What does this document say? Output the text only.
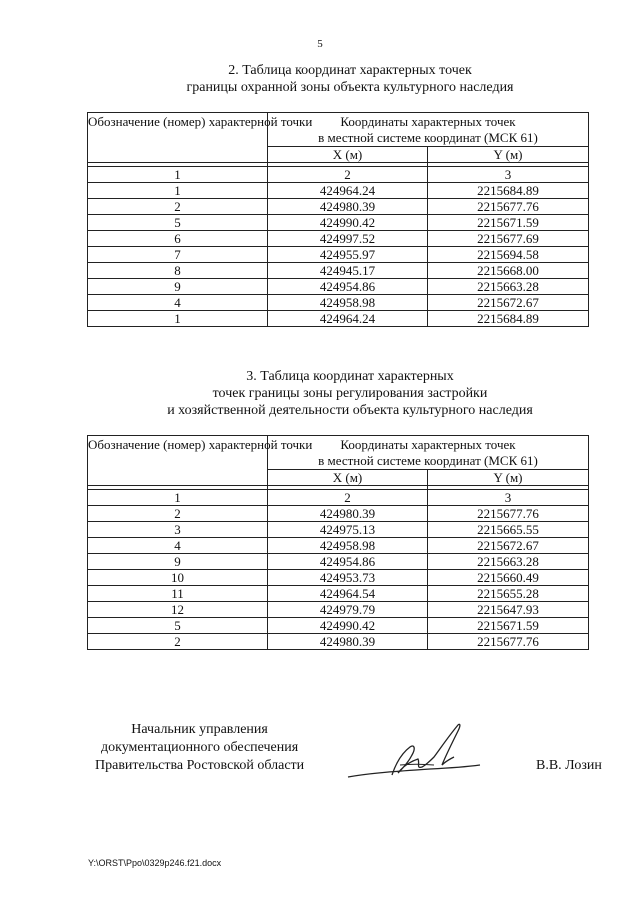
5
2. Таблица координат характерных точек
границы охранной зоны объекта культурного наследия
Обозначение (номер) характерной точки	Координаты характерных точек
в местной системе координат (МСК 61)	

	X (м)	Y (м)

1	2	3
1	424964.24	2215684.89
2	424980.39	2215677.76
5	424990.42	2215671.59
6	424997.52	2215677.69
7	424955.97	2215694.58
8	424945.17	2215668.00
9	424954.86	2215663.28
4	424958.98	2215672.67
1	424964.24	2215684.89
3. Таблица координат характерных
точек границы зоны регулирования застройки
и хозяйственной деятельности объекта культурного наследия
Обозначение (номер) характерной точки	Координаты характерных точек
в местной системе координат (МСК 61)	

	X (м)	Y (м)

1	2	3
2	424980.39	2215677.76
3	424975.13	2215665.55
4	424958.98	2215672.67
9	424954.86	2215663.28
10	424953.73	2215660.49
11	424964.54	2215655.28
12	424979.79	2215647.93
5	424990.42	2215671.59
2	424980.39	2215677.76
Начальник управления
документационного обеспечения
Правительства Ростовской области	В.В. Лозин
Y:\ORST\Ppo\0329p246.f21.docx
